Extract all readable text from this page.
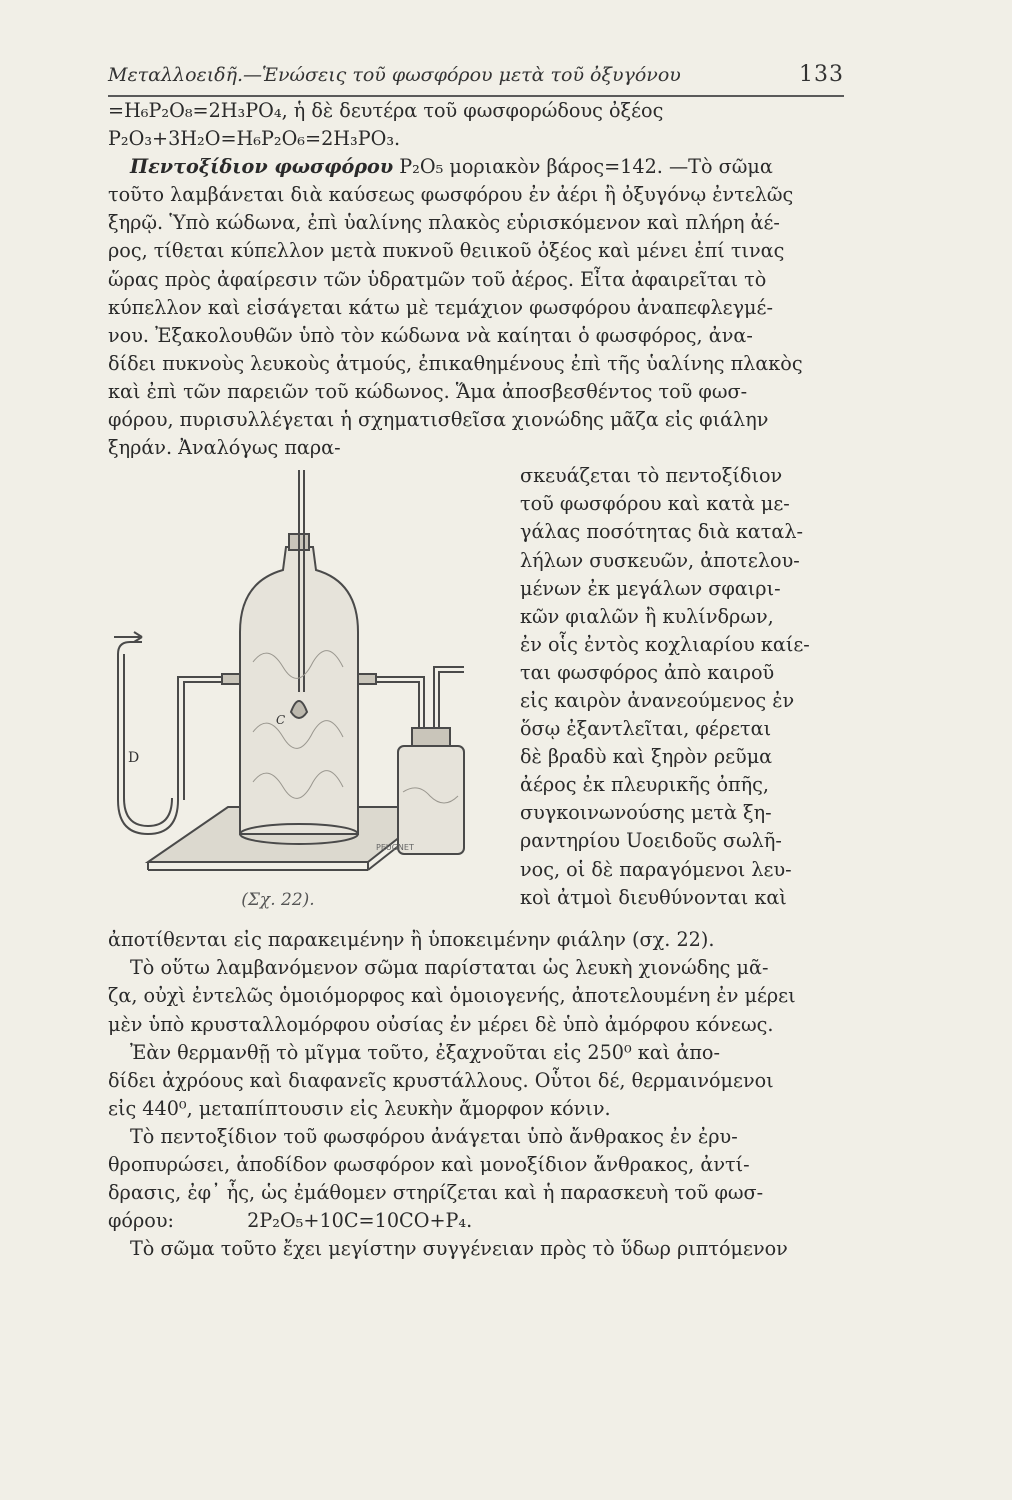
Μεταλλοειδῆ.—Ἑνώσεις τοῦ φωσφόρου μετὰ τοῦ ὀξυγόνου	133

=H₆P₂O₈=2H₃PO₄, ἡ δὲ δευτέρα τοῦ φωσφορώδους ὀξέος

P₂O₃+3H₂O=H₆P₂O₆=2H₃PO₃.

Πεντοξίδιον φωσφόρου P₂O₅ μοριακὸν βάρος=142. —Τὸ σῶμα

τοῦτο λαμβάνεται διὰ καύσεως φωσφόρου ἐν ἀέρι ἢ ὀξυγόνῳ ἐντελῶς

ξηρῷ. Ὑπὸ κώδωνα, ἐπὶ ὑαλίνης πλακὸς εὑρισκόμενον καὶ πλήρη ἀέ-

ρος, τίθεται κύπελλον μετὰ πυκνοῦ θειικοῦ ὀξέος καὶ μένει ἐπί τινας

ὥρας πρὸς ἀφαίρεσιν τῶν ὑδρατμῶν τοῦ ἀέρος. Εἶτα ἀφαιρεῖται τὸ

κύπελλον καὶ εἰσάγεται κάτω μὲ τεμάχιον φωσφόρου ἀναπεφλεγμέ-

νου. Ἐξακολουθῶν ὑπὸ τὸν κώδωνα νὰ καίηται ὁ φωσφόρος, ἀνα-

δίδει πυκνοὺς λευκοὺς ἀτμούς, ἐπικαθημένους ἐπὶ τῆς ὑαλίνης πλακὸς

καὶ ἐπὶ τῶν παρειῶν τοῦ κώδωνος. Ἅμα ἀποσβεσθέντος τοῦ φωσ-

φόρου, πυρισυλλέγεται ἡ σχηματισθεῖσα χιονώδης μᾶζα εἰς φιάλην

ξηράν. Ἀναλόγως παρα-

D
C
PEUGNET
(Σχ. 22).

σκευάζεται τὸ πεντοξίδιον

τοῦ φωσφόρου καὶ κατὰ με-

γάλας ποσότητας διὰ καταλ-

λήλων συσκευῶν, ἀποτελου-

μένων ἐκ μεγάλων σφαιρι-

κῶν φιαλῶν ἢ κυλίνδρων,

ἐν οἷς ἐντὸς κοχλιαρίου καίε-

ται φωσφόρος ἀπὸ καιροῦ

εἰς καιρὸν ἀνανεούμενος ἐν

ὅσῳ ἐξαντλεῖται, φέρεται

δὲ βραδὺ καὶ ξηρὸν ρεῦμα

ἀέρος ἐκ πλευρικῆς ὀπῆς,

συγκοινωνούσης μετὰ ξη-

ραντηρίου Uοειδοῦς σωλῆ-

νος, οἱ δὲ παραγόμενοι λευ-

κοὶ ἀτμοὶ διευθύνονται καὶ

ἀποτίθενται εἰς παρακειμένην ἢ ὑποκειμένην φιάλην (σχ. 22).

Τὸ οὕτω λαμβανόμενον σῶμα παρίσταται ὡς λευκὴ χιονώδης μᾶ-

ζα, οὐχὶ ἐντελῶς ὁμοιόμορφος καὶ ὁμοιογενής, ἀποτελουμένη ἐν μέρει

μὲν ὑπὸ κρυσταλλομόρφου οὐσίας ἐν μέρει δὲ ὑπὸ ἀμόρφου κόνεως.

Ἐὰν θερμανθῇ τὸ μῖγμα τοῦτο, ἐξαχνοῦται εἰς 250⁰ καὶ ἀπο-

δίδει ἀχρόους καὶ διαφανεῖς κρυστάλλους. Οὗτοι δέ, θερμαινόμενοι

εἰς 440⁰, μεταπίπτουσιν εἰς λευκὴν ἄμορφον κόνιν.

Τὸ πεντοξίδιον τοῦ φωσφόρου ἀνάγεται ὑπὸ ἄνθρακος ἐν ἐρυ-

θροπυρώσει, ἀποδίδον φωσφόρον καὶ μονοξίδιον ἄνθρακος, ἀντί-

δρασις, ἐφ᾽ ἧς, ὡς ἐμάθομεν στηρίζεται καὶ ἡ παρασκευὴ τοῦ φωσ-

φόρου:            2P₂O₅+10C=10CO+P₄.

Τὸ σῶμα τοῦτο ἔχει μεγίστην συγγένειαν πρὸς τὸ ὕδωρ ριπτόμενον
